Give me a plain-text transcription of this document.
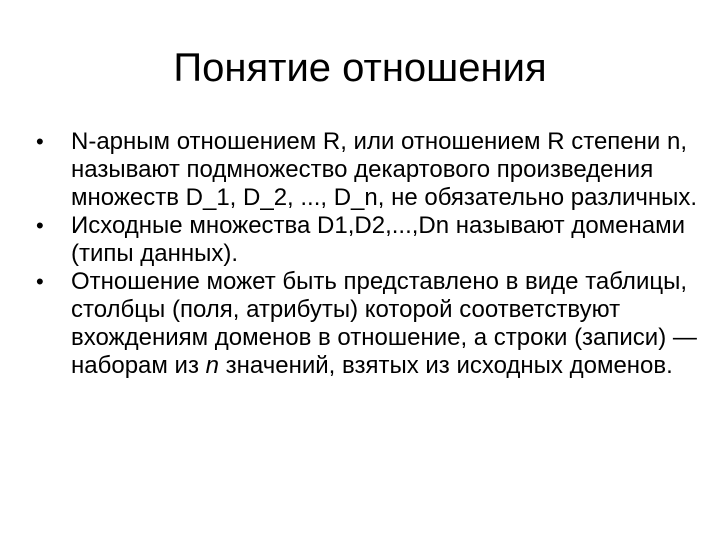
Понятие отношения
•	N-арным отношением R, или отношением R степени n, называют подмножество декартового произведения множеств D_1, D_2, ..., D_n, не обязательно различных.
•	Исходные множества D1,D2,...,Dn называют доменами (типы данных).
•	Отношение может быть представлено в виде таблицы, столбцы (поля, атрибуты) которой соответствуют вхождениям доменов в отношение, а строки (записи) — наборам из n значений, взятых из исходных доменов.
